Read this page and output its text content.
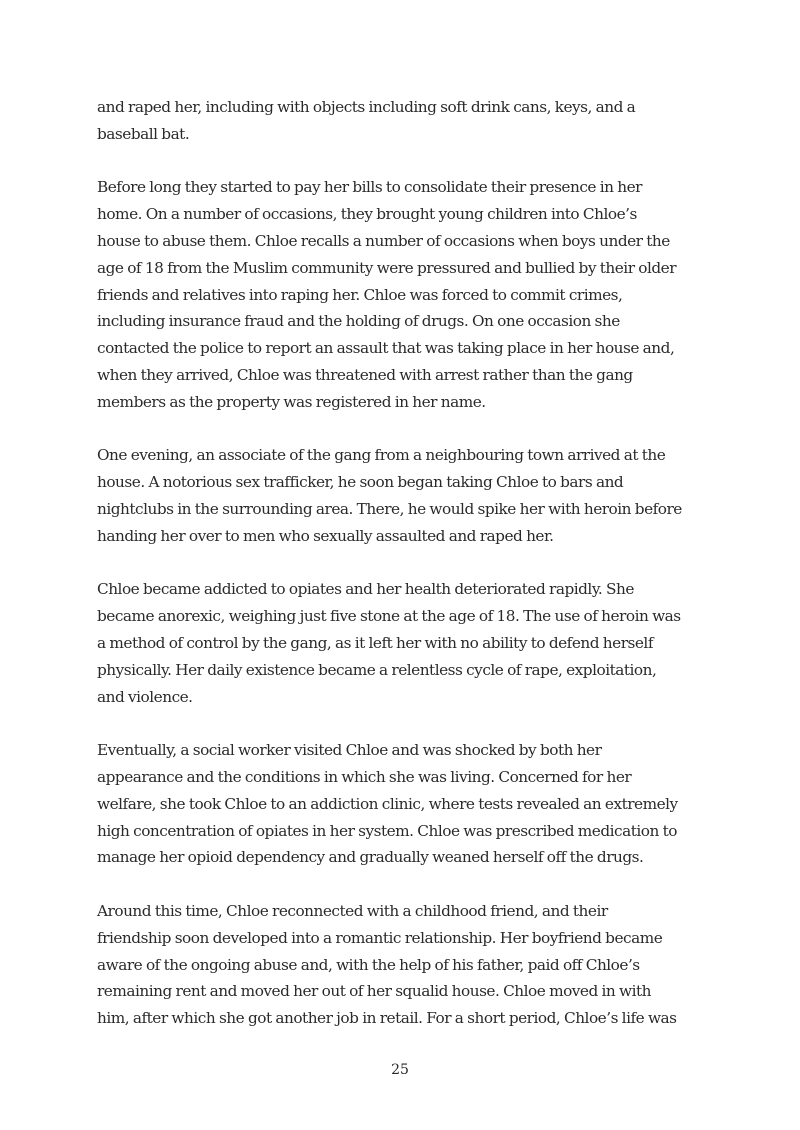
and raped her, including with objects including soft drink cans, keys, and a
baseball bat.

Before long they started to pay her bills to consolidate their presence in her
home. On a number of occasions, they brought young children into Chloe’s
house to abuse them. Chloe recalls a number of occasions when boys under the
age of 18 from the Muslim community were pressured and bullied by their older
friends and relatives into raping her. Chloe was forced to commit crimes,
including insurance fraud and the holding of drugs. On one occasion she
contacted the police to report an assault that was taking place in her house and,
when they arrived, Chloe was threatened with arrest rather than the gang
members as the property was registered in her name.

One evening, an associate of the gang from a neighbouring town arrived at the
house. A notorious sex trafficker, he soon began taking Chloe to bars and
nightclubs in the surrounding area. There, he would spike her with heroin before
handing her over to men who sexually assaulted and raped her.

Chloe became addicted to opiates and her health deteriorated rapidly. She
became anorexic, weighing just five stone at the age of 18. The use of heroin was
a method of control by the gang, as it left her with no ability to defend herself
physically. Her daily existence became a relentless cycle of rape, exploitation,
and violence.

Eventually, a social worker visited Chloe and was shocked by both her
appearance and the conditions in which she was living. Concerned for her
welfare, she took Chloe to an addiction clinic, where tests revealed an extremely
high concentration of opiates in her system. Chloe was prescribed medication to
manage her opioid dependency and gradually weaned herself off the drugs.

Around this time, Chloe reconnected with a childhood friend, and their
friendship soon developed into a romantic relationship. Her boyfriend became
aware of the ongoing abuse and, with the help of his father, paid off Chloe’s
remaining rent and moved her out of her squalid house. Chloe moved in with
him, after which she got another job in retail. For a short period, Chloe’s life was

25
